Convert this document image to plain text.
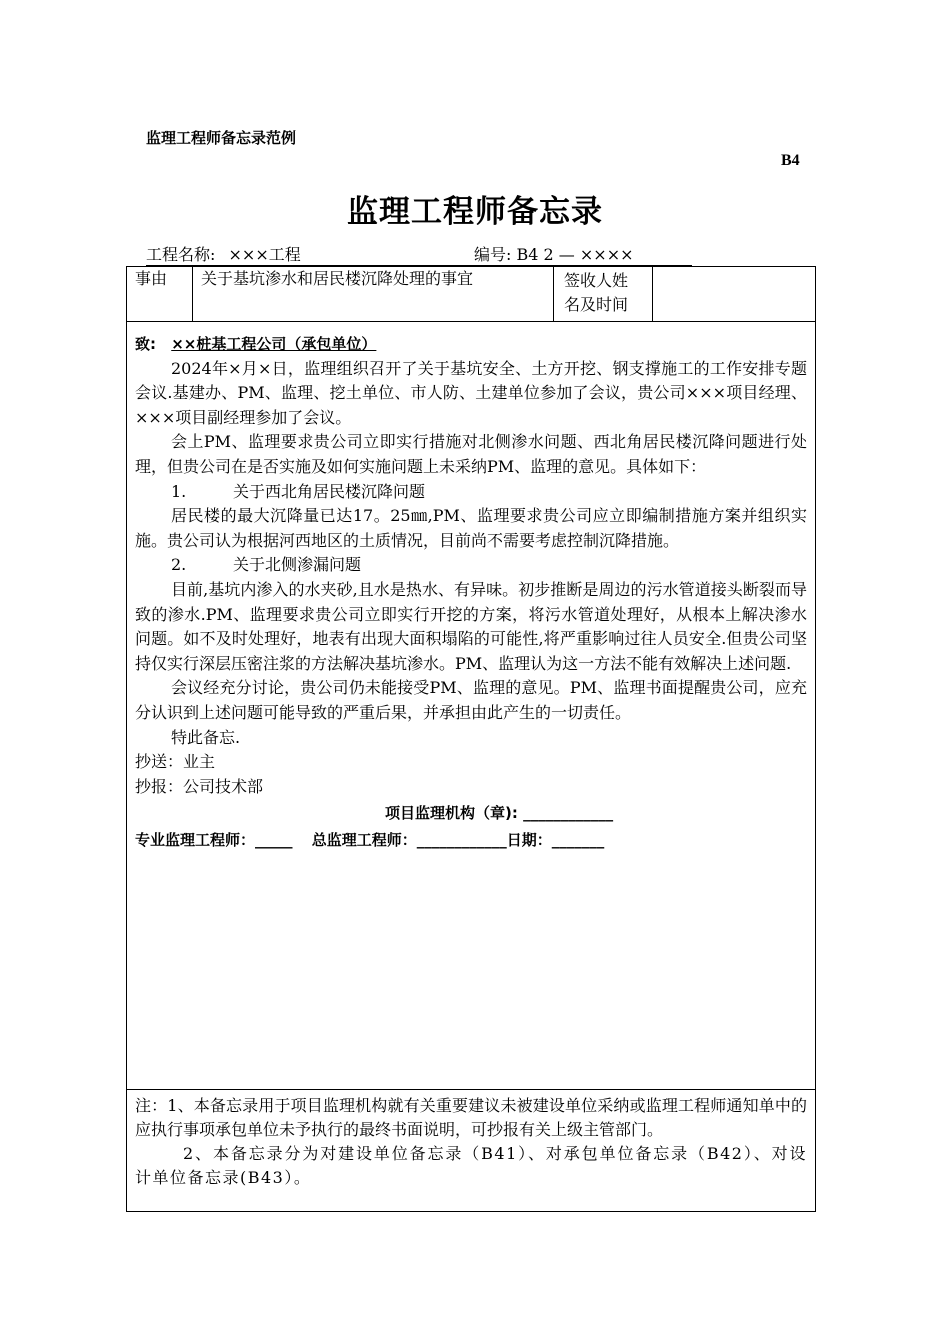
监理工程师备忘录范例
B4
监理工程师备忘录
工程名称: ×××工程	编号: B4 2 — ××××
事由	关于基坑渗水和居民楼沉降处理的事宜	签收人姓
名及时间

致: ××桩基工程公司（承包单位）

2024年×月×日，监理组织召开了关于基坑安全、土方开挖、钢支撑施工的工作安排专题会议.基建办、PM、监理、挖土单位、市人防、土建单位参加了会议，贵公司×××项目经理、×××项目副经理参加了会议。

会上PM、监理要求贵公司立即实行措施对北侧渗水问题、西北角居民楼沉降问题进行处理，但贵公司在是否实施及如何实施问题上未采纳PM、监理的意见。具体如下：

1.	关于西北角居民楼沉降问题

居民楼的最大沉降量已达17。25㎜,PM、监理要求贵公司应立即编制措施方案并组织实施。贵公司认为根据河西地区的土质情况，目前尚不需要考虑控制沉降措施。

2.	关于北侧渗漏问题

目前,基坑内渗入的水夹砂,且水是热水、有异味。初步推断是周边的污水管道接头断裂而导致的渗水.PM、监理要求贵公司立即实行开挖的方案，将污水管道处理好，从根本上解决渗水问题。如不及时处理好，地表有出现大面积塌陷的可能性,将严重影响过往人员安全.但贵公司坚持仅实行深层压密注浆的方法解决基坑渗水。PM、监理认为这一方法不能有效解决上述问题.

会议经充分讨论，贵公司仍未能接受PM、监理的意见。PM、监理书面提醒贵公司，应充分认识到上述问题可能导致的严重后果，并承担由此产生的一切责任。

特此备忘.

抄送：业主

抄报：公司技术部

项目监理机构（章): ____________
专业监理工程师：_____ 总监理工程师：____________日期：_______

注：1、本备忘录用于项目监理机构就有关重要建议未被建设单位采纳或监理工程师通知单中的应执行事项承包单位未予执行的最终书面说明，可抄报有关上级主管部门。

2、本备忘录分为对建设单位备忘录（B41）、对承包单位备忘录（B42）、对设计单位备忘录(B43）。
